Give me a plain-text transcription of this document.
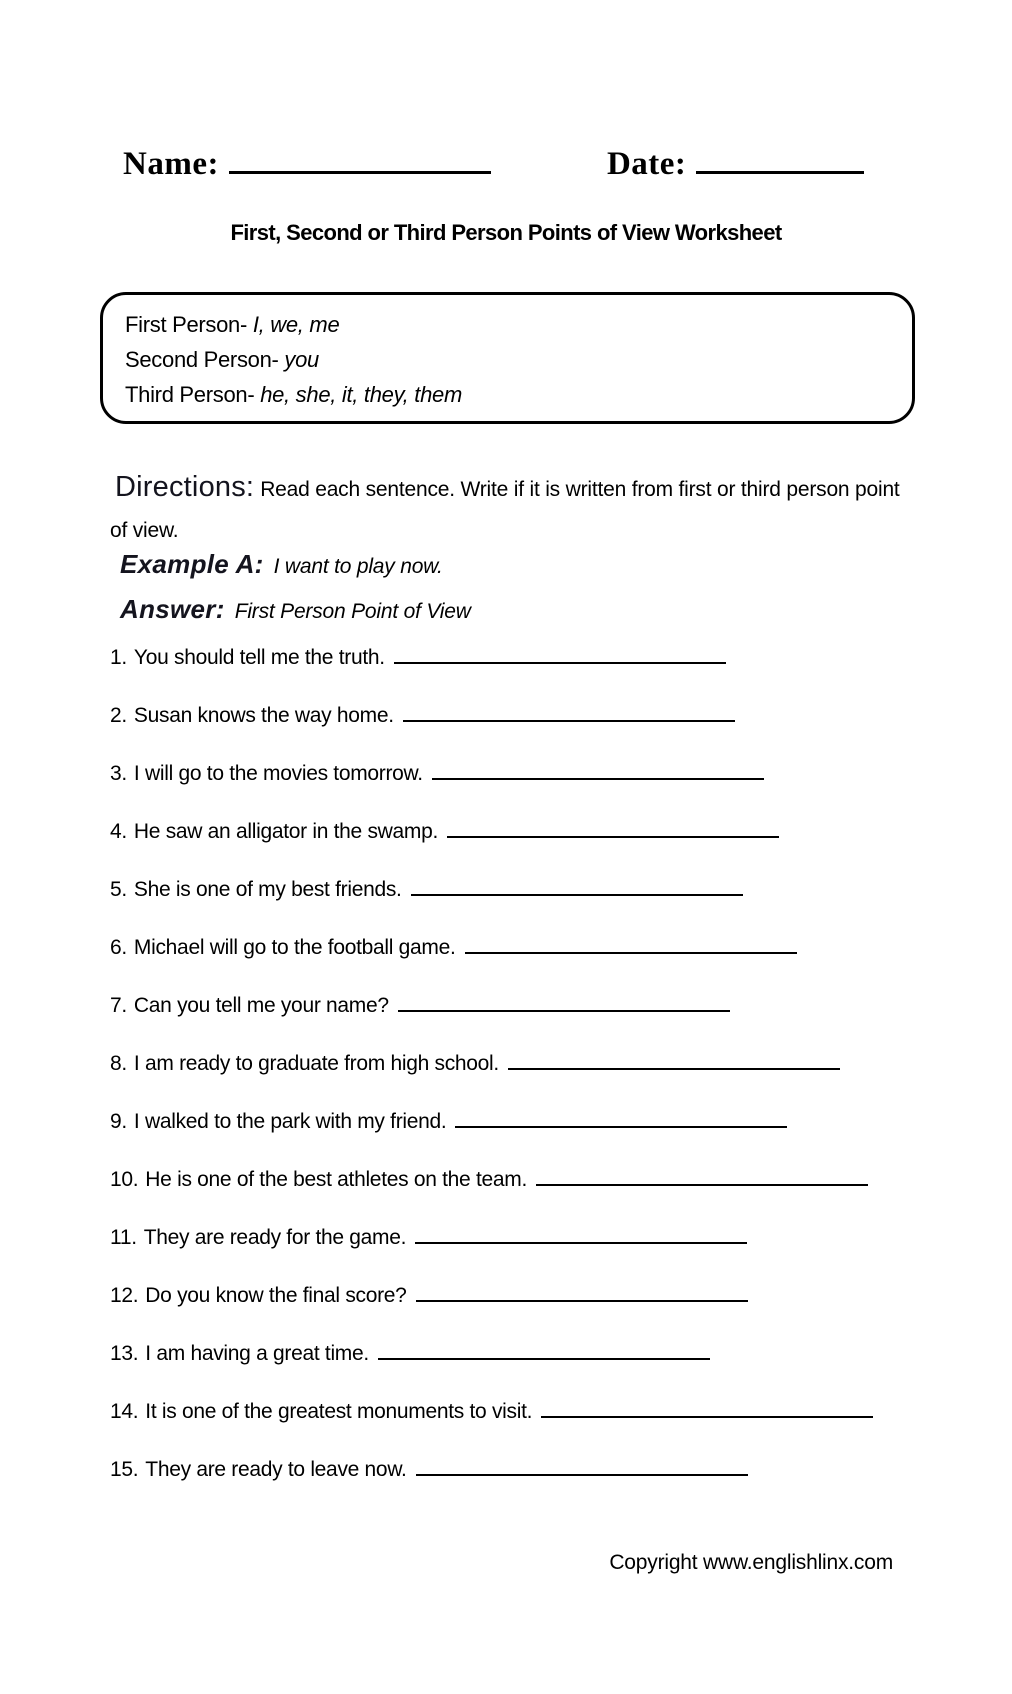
Name:	Date:
First, Second or Third Person Points of View Worksheet
First Person- I, we, me
Second Person- you
Third Person- he, she, it, they, them

Directions: Read each sentence. Write if it is written from first or third person point of view.

Example A: I want to play now.
Answer: First Person Point of View
1. You should tell me the truth.
2. Susan knows the way home.
3. I will go to the movies tomorrow.
4. He saw an alligator in the swamp.
5. She is one of my best friends.
6. Michael will go to the football game.
7. Can you tell me your name?
8. I am ready to graduate from high school.
9. I walked to the park with my friend.
10. He is one of the best athletes on the team.
11. They are ready for the game.
12. Do you know the final score?
13. I am having a great time.
14. It is one of the greatest monuments to visit.
15. They are ready to leave now.
Copyright www.englishlinx.com
